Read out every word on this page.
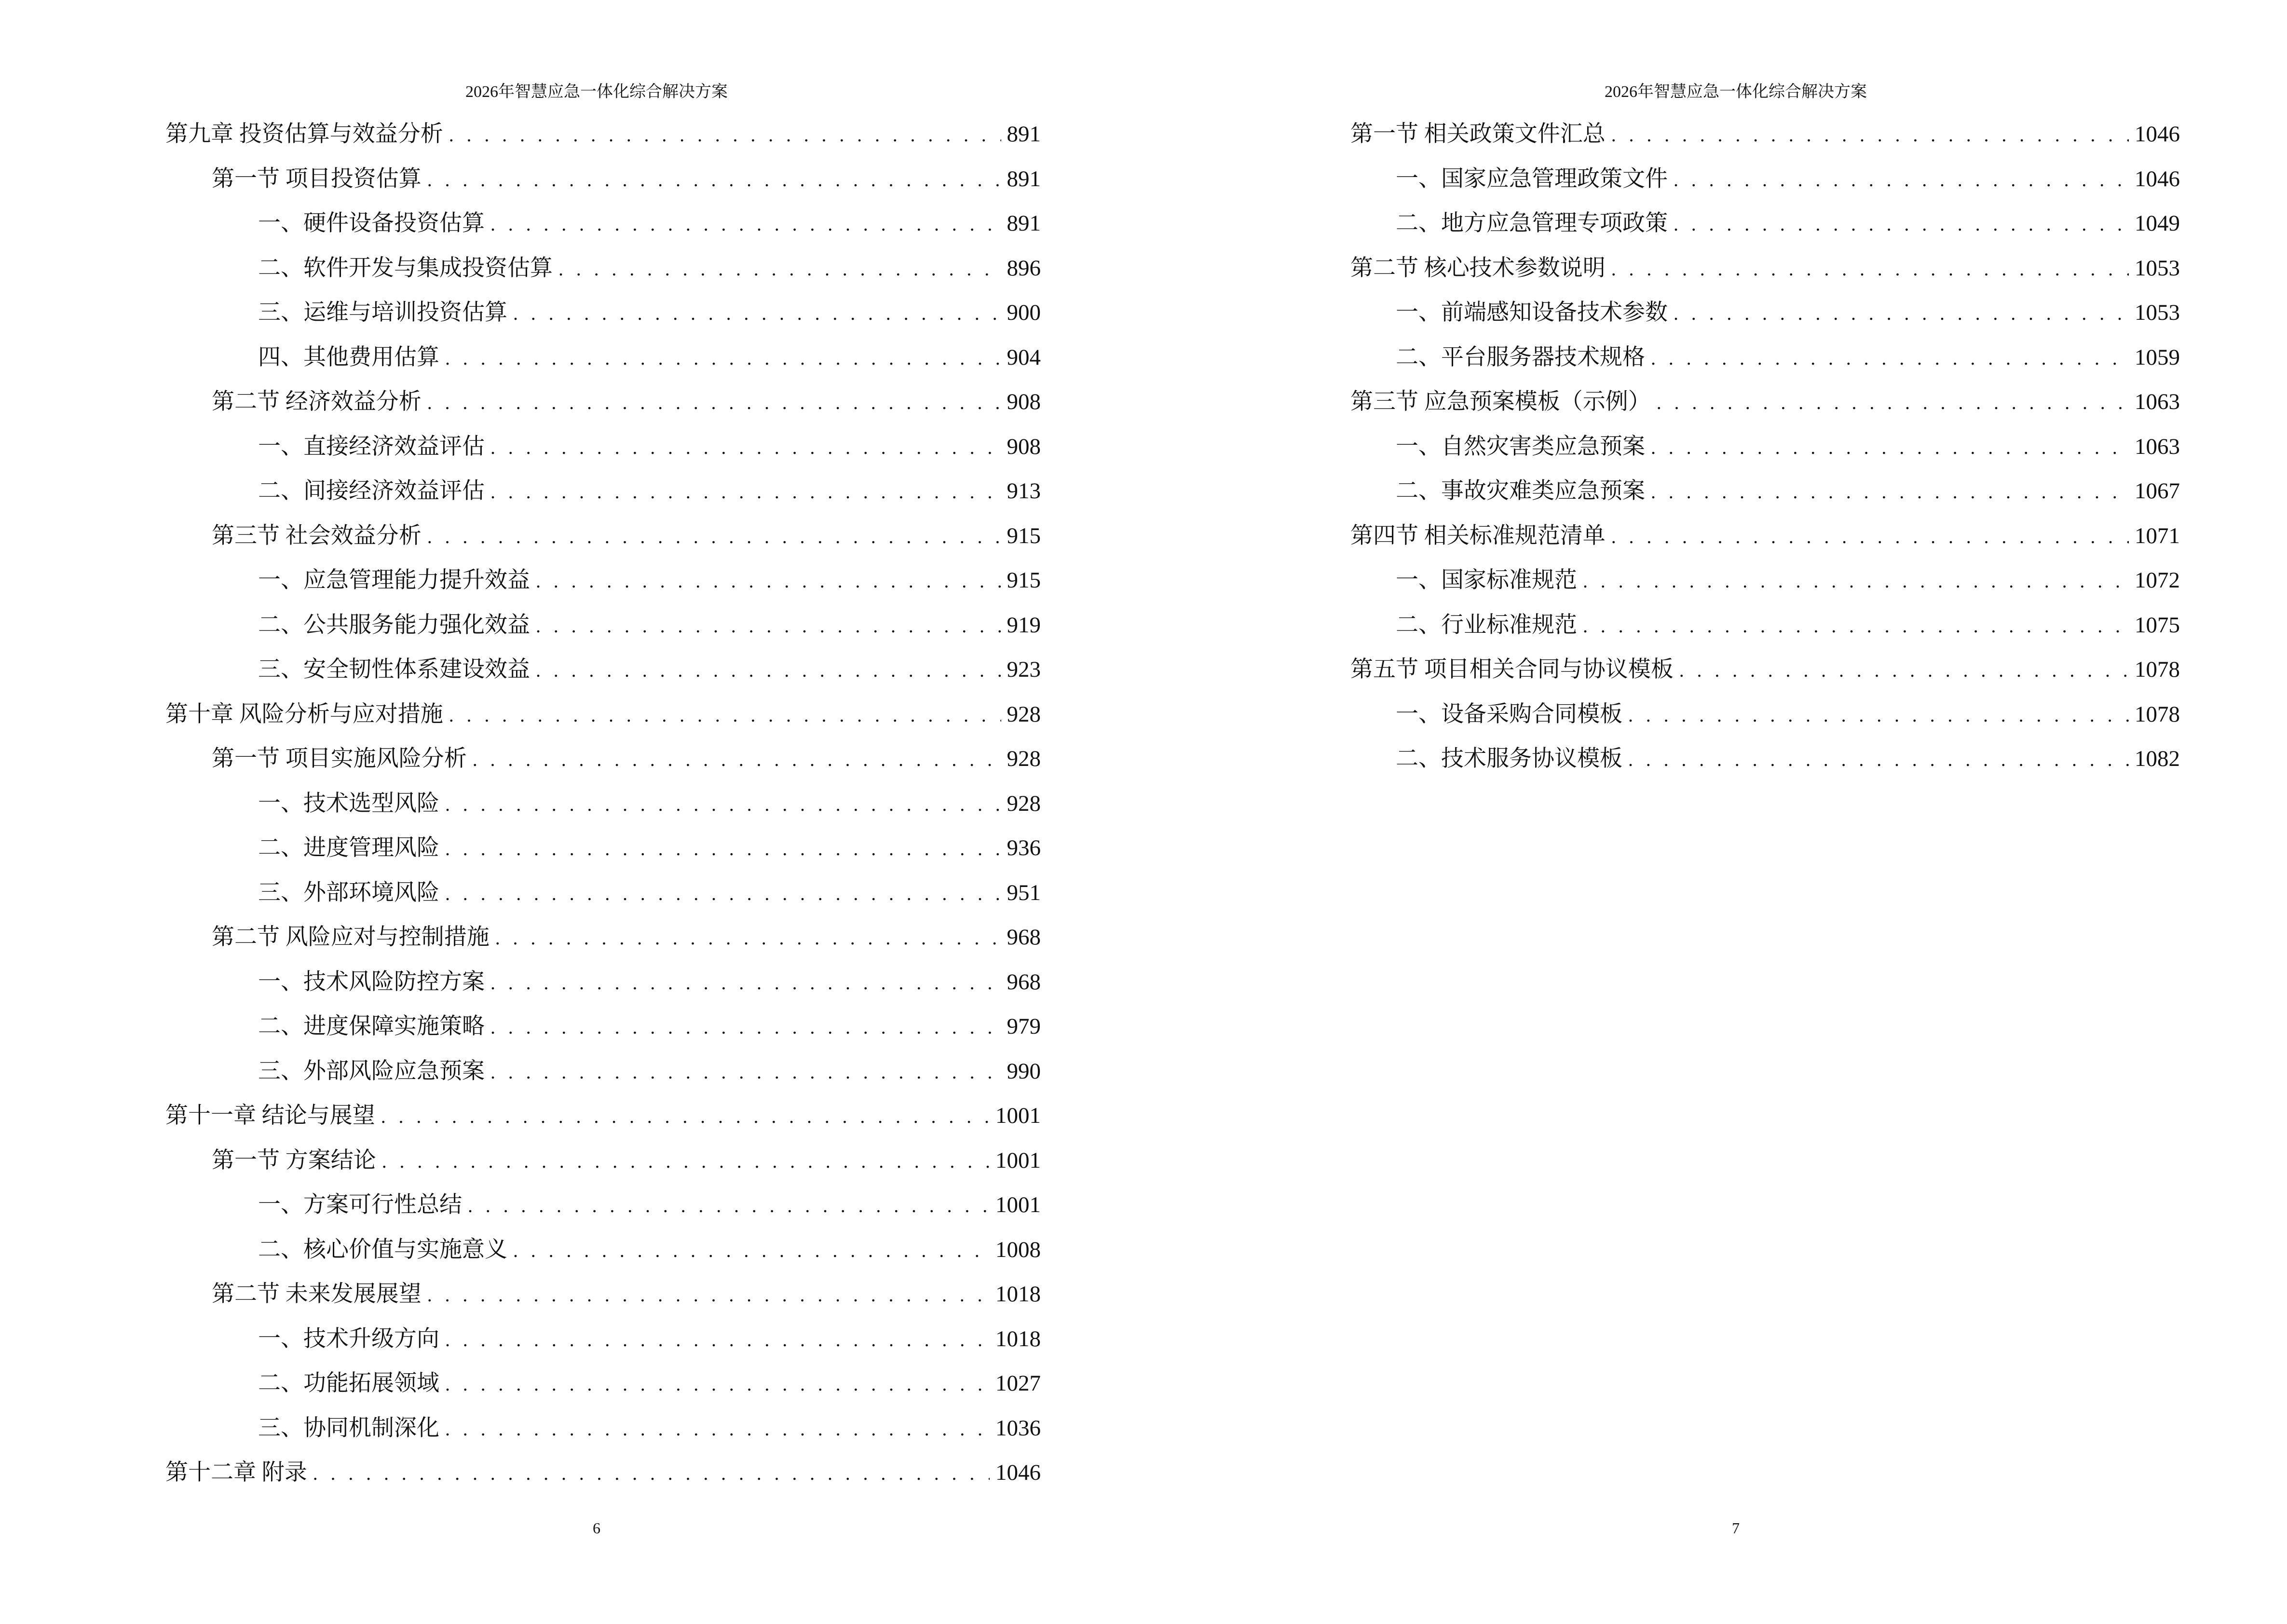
2026年智慧应急一体化综合解决方案
第九章 投资估算与效益分析 . . .	891
第一节 项目投资估算 . . .	891
一、硬件设备投资估算 . . .	891
二、软件开发与集成投资估算 . . .	896
三、运维与培训投资估算 . . .	900
四、其他费用估算 . . .	904
第二节 经济效益分析 . . .	908
一、直接经济效益评估 . . .	908
二、间接经济效益评估 . . .	913
第三节 社会效益分析 . . .	915
一、应急管理能力提升效益 . . .	915
二、公共服务能力强化效益 . . .	919
三、安全韧性体系建设效益 . . .	923
第十章 风险分析与应对措施 . . .	928
第一节 项目实施风险分析 . . .	928
一、技术选型风险 . . .	928
二、进度管理风险 . . .	936
三、外部环境风险 . . .	951
第二节 风险应对与控制措施 . . .	968
一、技术风险防控方案 . . .	968
二、进度保障实施策略 . . .	979
三、外部风险应急预案 . . .	990
第十一章 结论与展望 . . .	1001
第一节 方案结论 . . .	1001
一、方案可行性总结 . . .	1001
二、核心价值与实施意义 . . .	1008
第二节 未来发展展望 . . .	1018
一、技术升级方向 . . .	1018
二、功能拓展领域 . . .	1027
三、协同机制深化 . . .	1036
第十二章 附录 . . .	1046
6
2026年智慧应急一体化综合解决方案
第一节 相关政策文件汇总 . . .	1046
一、国家应急管理政策文件 . . .	1046
二、地方应急管理专项政策 . . .	1049
第二节 核心技术参数说明 . . .	1053
一、前端感知设备技术参数 . . .	1053
二、平台服务器技术规格 . . .	1059
第三节 应急预案模板（示例） . . .	1063
一、自然灾害类应急预案 . . .	1063
二、事故灾难类应急预案 . . .	1067
第四节 相关标准规范清单 . . .	1071
一、国家标准规范 . . .	1072
二、行业标准规范 . . .	1075
第五节 项目相关合同与协议模板 . . .	1078
一、设备采购合同模板 . . .	1078
二、技术服务协议模板 . . .	1082
7
